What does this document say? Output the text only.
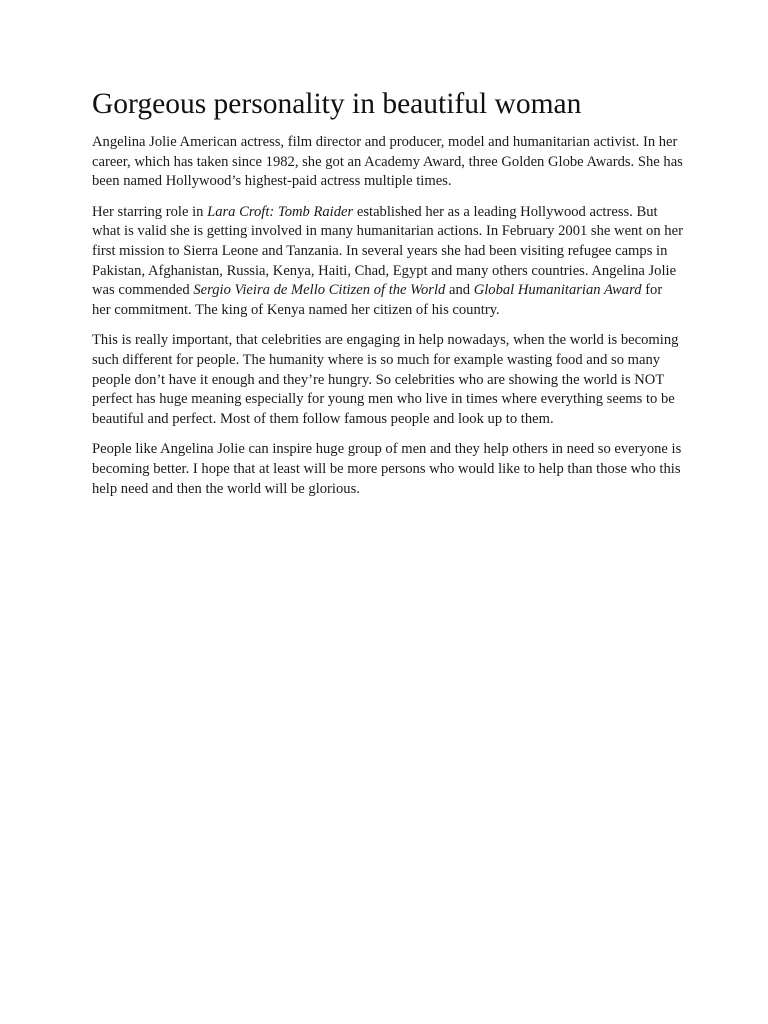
Gorgeous personality in beautiful woman

Angelina Jolie American actress, film director and producer, model and humanitarian activist. In her career, which has taken since 1982, she got an Academy Award, three Golden Globe Awards. She has been named Hollywood’s highest-paid actress multiple times.

Her starring role in Lara Croft: Tomb Raider established her as a leading Hollywood actress. But what is valid she is getting involved in many humanitarian actions. In February 2001 she went on her first mission to Sierra Leone and Tanzania. In several years she had been visiting refugee camps in Pakistan, Afghanistan, Russia, Kenya, Haiti, Chad, Egypt and many others countries. Angelina Jolie was commended Sergio Vieira de Mello Citizen of the World and Global Humanitarian Award for her commitment. The king of Kenya named her citizen of his country.

This is really important, that celebrities are engaging in help nowadays, when the world is becoming such different for people. The humanity where is so much for example wasting food and so many people don’t have it enough and they’re hungry. So celebrities who are showing the world is NOT perfect has huge meaning especially for young men who live in times where everything seems to be beautiful and perfect. Most of them follow famous people and look up to them.

People like Angelina Jolie can inspire huge group of men and they help others in need so everyone is becoming better. I hope that at least will be more persons who would like to help than those who this help need and then the world will be glorious.
